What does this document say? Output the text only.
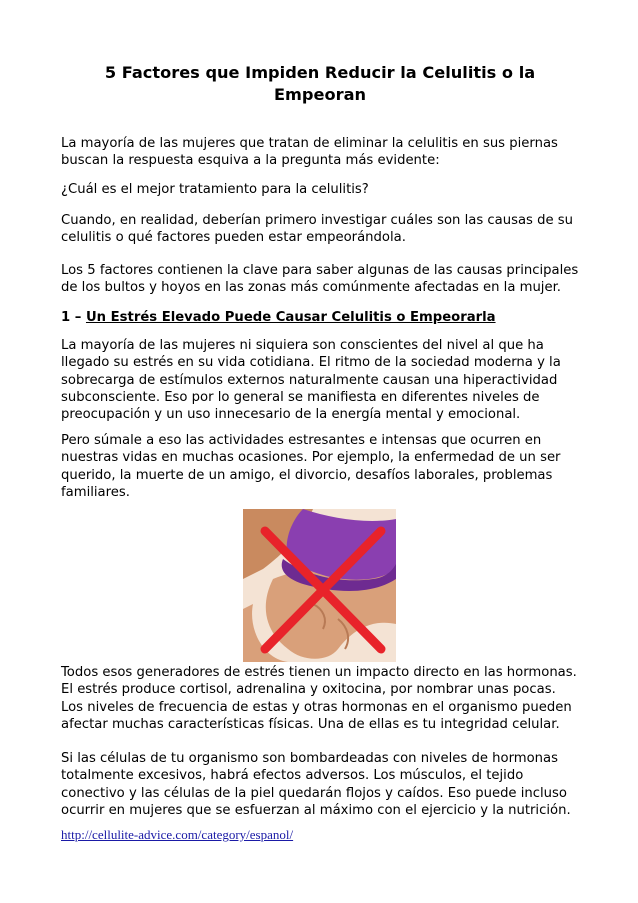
5 Factores que Impiden Reducir la Celulitis o la Empeoran

La mayoría de las mujeres que tratan de eliminar la celulitis en sus piernas buscan la respuesta esquiva a la pregunta más evidente:

¿Cuál es el mejor tratamiento para la celulitis?

Cuando, en realidad, deberían primero investigar cuáles son las causas de su celulitis o qué factores pueden estar empeorándola.

Los 5 factores contienen la clave para saber algunas de las causas principales de los bultos y hoyos en las zonas más comúnmente afectadas en la mujer.

1 – Un Estrés Elevado Puede Causar Celulitis o Empeorarla

La mayoría de las mujeres ni siquiera son conscientes del nivel al que ha llegado su estrés en su vida cotidiana. El ritmo de la sociedad moderna y la sobrecarga de estímulos externos naturalmente causan una hiperactividad subconsciente. Eso por lo general se manifiesta en diferentes niveles de preocupación y un uso innecesario de la energía mental y emocional.

Pero súmale a eso las actividades estresantes e intensas que ocurren en nuestras vidas en muchas ocasiones. Por ejemplo, la enfermedad de un ser querido, la muerte de un amigo, el divorcio, desafíos laborales, problemas familiares.

Todos esos generadores de estrés tienen un impacto directo en las hormonas. El estrés produce cortisol, adrenalina y oxitocina, por nombrar unas pocas. Los niveles de frecuencia de estas y otras hormonas en el organismo pueden afectar muchas características físicas. Una de ellas es tu integridad celular.

Si las células de tu organismo son bombardeadas con niveles de hormonas totalmente excesivos, habrá efectos adversos. Los músculos, el tejido conectivo y las células de la piel quedarán flojos y caídos. Eso puede incluso ocurrir en mujeres que se esfuerzan al máximo con el ejercicio y la nutrición.

http://cellulite-advice.com/category/espanol/
